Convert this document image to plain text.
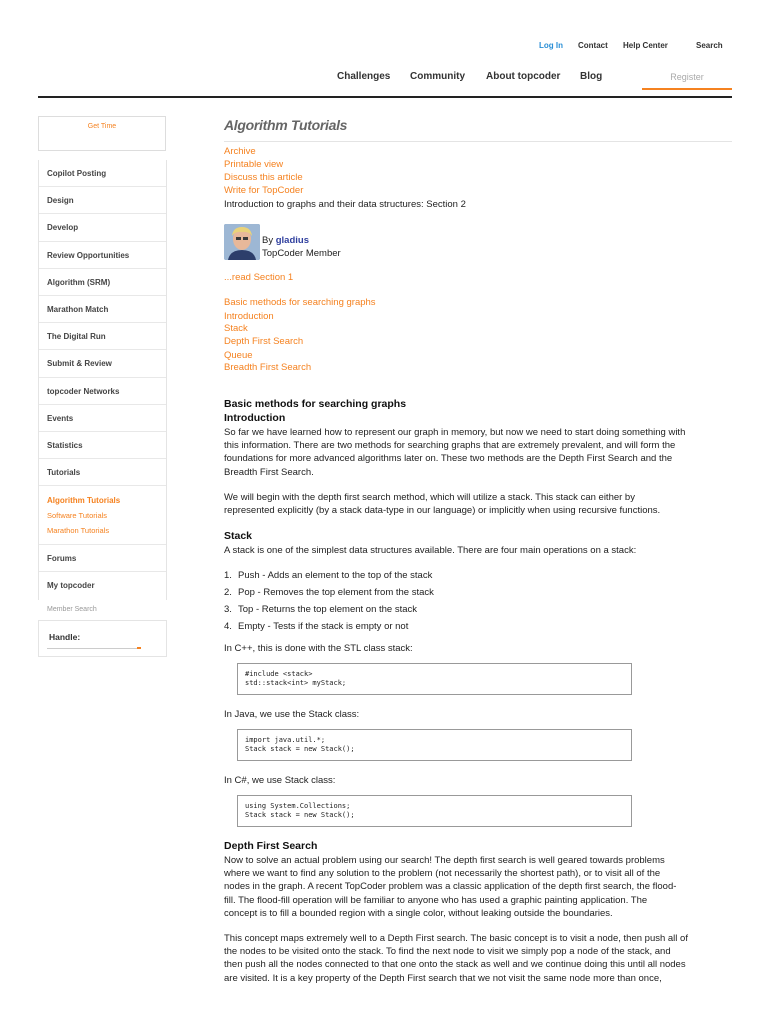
Log In Contact Help Center	Search
Challenges Community About topcoder Blog	Register
Get Time
Copilot Posting
Design
Develop
Review Opportunities
Algorithm (SRM)
Marathon Match
The Digital Run
Submit & Review
topcoder Networks
Events
Statistics
Tutorials
Algorithm Tutorials
Software Tutorials
Marathon Tutorials
Forums
My topcoder
Member Search
Handle:
Algorithm Tutorials
Archive
Printable view
Discuss this article
Write for TopCoder
Introduction to graphs and their data structures: Section 2
By gladius
TopCoder Member
...read Section 1
Basic methods for searching graphs
Introduction
Stack
Depth First Search
Queue
Breadth First Search
Basic methods for searching graphs
Introduction
So far we have learned how to represent our graph in memory, but now we need to start doing something with
this information. There are two methods for searching graphs that are extremely prevalent, and will form the
foundations for more advanced algorithms later on. These two methods are the Depth First Search and the
Breadth First Search.
We will begin with the depth first search method, which will utilize a stack. This stack can either by
represented explicitly (by a stack data-type in our language) or implicitly when using recursive functions.
Stack
A stack is one of the simplest data structures available. There are four main operations on a stack:
1. Push - Adds an element to the top of the stack
2. Pop - Removes the top element from the stack
3. Top - Returns the top element on the stack
4. Empty - Tests if the stack is empty or not
In C++, this is done with the STL class stack:
#include <stack>
std::stack<int> myStack;
In Java, we use the Stack class:
import java.util.*;
Stack stack = new Stack();
In C#, we use Stack class:
using System.Collections;
Stack stack = new Stack();
Depth First Search
Now to solve an actual problem using our search! The depth first search is well geared towards problems
where we want to find any solution to the problem (not necessarily the shortest path), or to visit all of the
nodes in the graph. A recent TopCoder problem was a classic application of the depth first search, the flood-
fill. The flood-fill operation will be familiar to anyone who has used a graphic painting application. The
concept is to fill a bounded region with a single color, without leaking outside the boundaries.
This concept maps extremely well to a Depth First search. The basic concept is to visit a node, then push all of
the nodes to be visited onto the stack. To find the next node to visit we simply pop a node of the stack, and
then push all the nodes connected to that one onto the stack as well and we continue doing this until all nodes
are visited. It is a key property of the Depth First search that we not visit the same node more than once,
